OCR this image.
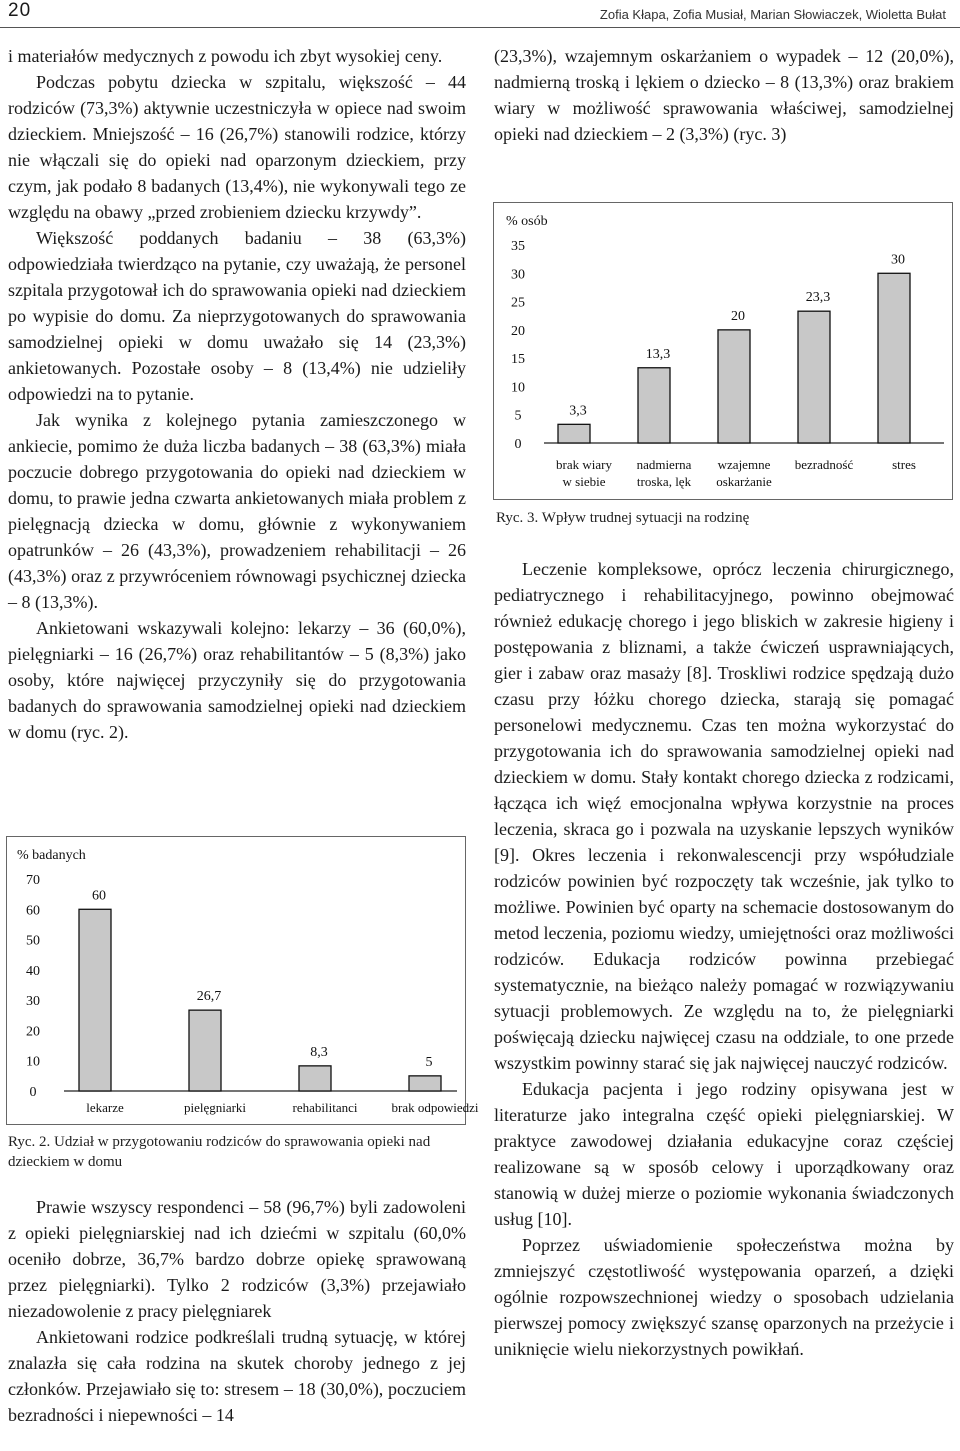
20	Zofia Kłapa, Zofia Musiał, Marian Słowiaczek, Wioletta Bułat

i materiałów medycznych z powodu ich zbyt wysokiej ceny.

Podczas pobytu dziecka w szpitalu, większość – 44 rodziców (73,3%) aktywnie uczestniczyła w opiece nad swoim dzieckiem. Mniejszość – 16 (26,7%) stanowili rodzice, którzy nie włączali się do opieki nad oparzonym dzieckiem, przy czym, jak podało 8 badanych (13,4%), nie wykonywali tego ze względu na obawy „przed zrobieniem dziecku krzywdy”.

Większość poddanych badaniu – 38 (63,3%) odpowiedziała twierdząco na pytanie, czy uważają, że personel szpitala przygotował ich do sprawowania opieki nad dzieckiem po wypisie do domu. Za nieprzygotowanych do sprawowania samodzielnej opieki w domu uważało się 14 (23,3%) ankietowanych. Pozostałe osoby – 8 (13,4%) nie udzieliły odpowiedzi na to pytanie.

Jak wynika z kolejnego pytania zamieszczonego w ankiecie, pomimo że duża liczba badanych – 38 (63,3%) miała poczucie dobrego przygotowania do opieki nad dzieckiem w domu, to prawie jedna czwarta ankietowanych miała problem z pielęgnacją dziecka w domu, głównie z wykonywaniem opatrunków – 26 (43,3%), prowadzeniem rehabilitacji – 26 (43,3%) oraz z przywróceniem równowagi psychicznej dziecka – 8 (13,3%).

Ankietowani wskazywali kolejno: lekarzy – 36 (60,0%), pielęgniarki – 16 (26,7%) oraz rehabilitantów – 5 (8,3%) jako osoby, które najwięcej przyczyniły się do przygotowania badanych do sprawowania samodzielnej opieki nad dzieckiem w domu (ryc. 2).

% badanych
0
10
20
30
40
50
60
70
60
lekarze
26,7
pielęgniarki
8,3
rehabilitanci
5
brak odpowiedzi
Ryc. 2. Udział w przygotowaniu rodziców do sprawowania opieki nad dzieckiem w domu

Prawie wszyscy respondenci – 58 (96,7%) byli zadowoleni z opieki pielęgniarskiej nad ich dziećmi w szpitalu (60,0% oceniło dobrze, 36,7% bardzo dobrze opiekę sprawowaną przez pielęgniarki). Tylko 2 rodziców (3,3%) przejawiało niezadowolenie z pracy pielęgniarek

Ankietowani rodzice podkreślali trudną sytuację, w której znalazła się cała rodzina na skutek choroby jednego z jej członków. Przejawiało się to: stresem – 18 (30,0%), poczuciem bezradności i niepewności – 14

(23,3%), wzajemnym oskarżaniem o wypadek – 12 (20,0%), nadmierną troską i lękiem o dziecko – 8 (13,3%) oraz brakiem wiary w możliwość sprawowania właściwej, samodzielnej opieki nad dzieckiem – 2 (3,3%) (ryc. 3)

% osób
0
5
10
15
20
25
30
35
3,3
brak wiary
w siebie
13,3
nadmierna
troska, lęk
20
wzajemne
oskarżanie
23,3
bezradność
30
stres
Ryc. 3. Wpływ trudnej sytuacji na rodzinę

Leczenie kompleksowe, oprócz leczenia chirurgicznego, pediatrycznego i rehabilitacyjnego, powinno obejmować również edukację chorego i jego bliskich w zakresie higieny i postępowania z bliznami, a także ćwiczeń usprawniających, gier i zabaw oraz masaży [8]. Troskliwi rodzice spędzają dużo czasu przy łóżku chorego dziecka, starają się pomagać personelowi medycznemu. Czas ten można wykorzystać do przygotowania ich do sprawowania samodzielnej opieki nad dzieckiem w domu. Stały kontakt chorego dziecka z rodzicami, łącząca ich więź emocjonalna wpływa korzystnie na proces leczenia, skraca go i pozwala na uzyskanie lepszych wyników [9]. Okres leczenia i rekonwalescencji przy współudziale rodziców powinien być rozpoczęty tak wcześnie, jak tylko to możliwe. Powinien być oparty na schemacie dostosowanym do metod leczenia, poziomu wiedzy, umiejętności oraz możliwości rodziców. Edukacja rodziców powinna przebiegać systematycznie, na bieżąco należy pomagać w rozwiązywaniu sytuacji problemowych. Ze względu na to, że pielęgniarki poświęcają dziecku najwięcej czasu na oddziale, to one przede wszystkim powinny starać się jak najwięcej nauczyć rodziców.

Edukacja pacjenta i jego rodziny opisywana jest w literaturze jako integralna część opieki pielęgniarskiej. W praktyce zawodowej działania edukacyjne coraz częściej realizowane są w sposób celowy i uporządkowany oraz stanowią w dużej mierze o poziomie wykonania świadczonych usług [10].

Poprzez uświadomienie społeczeństwa można by zmniejszyć częstotliwość występowania oparzeń, a dzięki ogólnie rozpowszechnionej wiedzy o sposobach udzielania pierwszej pomocy zwiększyć szansę oparzonych na przeżycie i uniknięcie wielu niekorzystnych powikłań.
